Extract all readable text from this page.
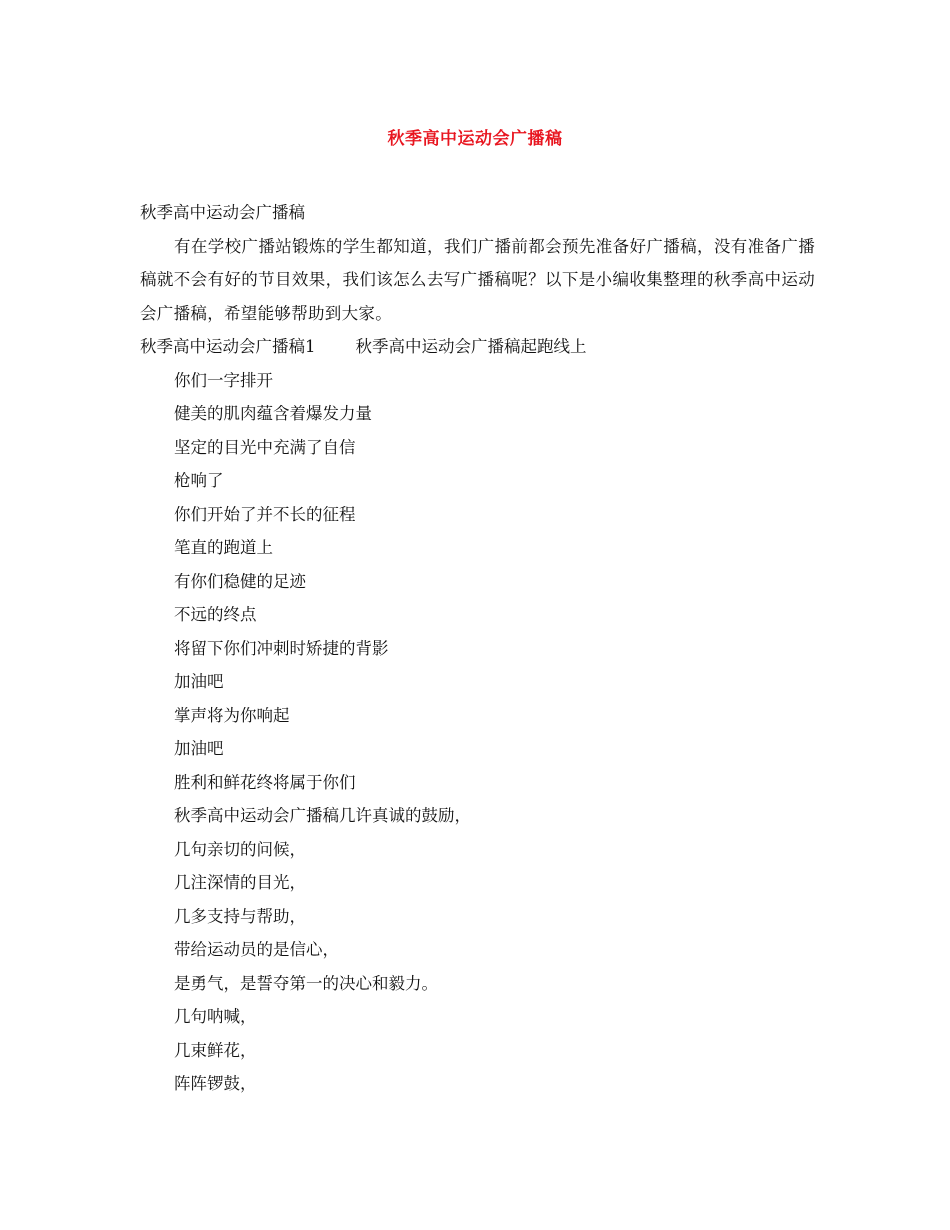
秋季高中运动会广播稿

秋季高中运动会广播稿

有在学校广播站锻炼的学生都知道，我们广播前都会预先准备好广播稿，没有准备广播稿就不会有好的节目效果，我们该怎么去写广播稿呢？以下是小编收集整理的秋季高中运动会广播稿，希望能够帮助到大家。

秋季高中运动会广播稿1 秋季高中运动会广播稿起跑线上

你们一字排开
健美的肌肉蕴含着爆发力量
坚定的目光中充满了自信
枪响了
你们开始了并不长的征程
笔直的跑道上
有你们稳健的足迹
不远的终点
将留下你们冲刺时矫捷的背影
加油吧
掌声将为你响起
加油吧
胜利和鲜花终将属于你们
秋季高中运动会广播稿几许真诚的鼓励，
几句亲切的问候，
几注深情的目光，
几多支持与帮助，
带给运动员的是信心，
是勇气，是誓夺第一的决心和毅力。
几句呐喊，
几束鲜花，
阵阵锣鼓，
